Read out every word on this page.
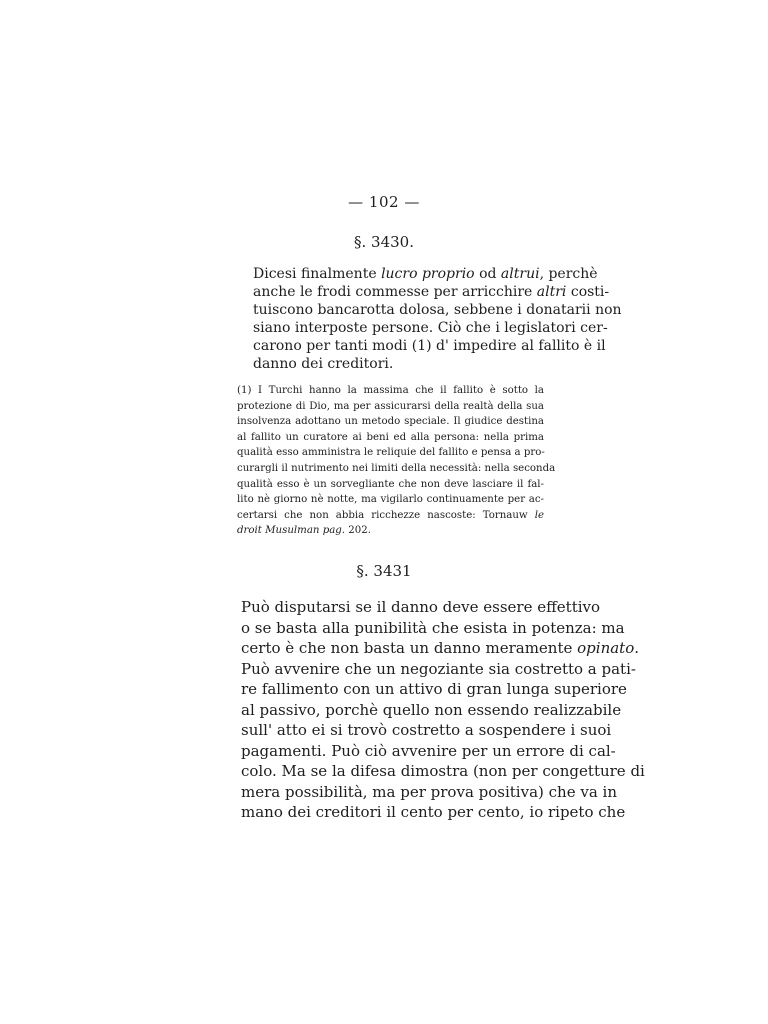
— 102 —
§. 3430.
Dicesi finalmente lucro proprio od altrui, perchè
anche le frodi commesse per arricchire altri costi-
tuiscono bancarotta dolosa, sebbene i donatarii non
siano interposte persone. Ciò che i legislatori cer-
carono per tanti modi (1) d' impedire al fallito è il
danno dei creditori.
(1) I Turchi hanno la massima che il fallito è sotto la
protezione di Dio, ma per assicurarsi della realtà della sua
insolvenza adottano un metodo speciale. Il giudice destina
al fallito un curatore ai beni ed alla persona: nella prima
qualità esso amministra le reliquie del fallito e pensa a pro-
curargli il nutrimento nei limiti della necessità: nella seconda
qualità esso è un sorvegliante che non deve lasciare il fal-
lito nè giorno nè notte, ma vigilarlo continuamente per ac-
certarsi che non abbia ricchezze nascoste: Tornauw le
droit Musulman pag. 202.
§. 3431
Può disputarsi se il danno deve essere effettivo
o se basta alla punibilità che esista in potenza: ma
certo è che non basta un danno meramente opinato.
Può avvenire che un negoziante sia costretto a pati-
re fallimento con un attivo di gran lunga superiore
al passivo, porchè quello non essendo realizzabile
sull' atto ei si trovò costretto a sospendere i suoi
pagamenti. Può ciò avvenire per un errore di cal-
colo. Ma se la difesa dimostra (non per congetture di
mera possibilità, ma per prova positiva) che va in
mano dei creditori il cento per cento, io ripeto che
